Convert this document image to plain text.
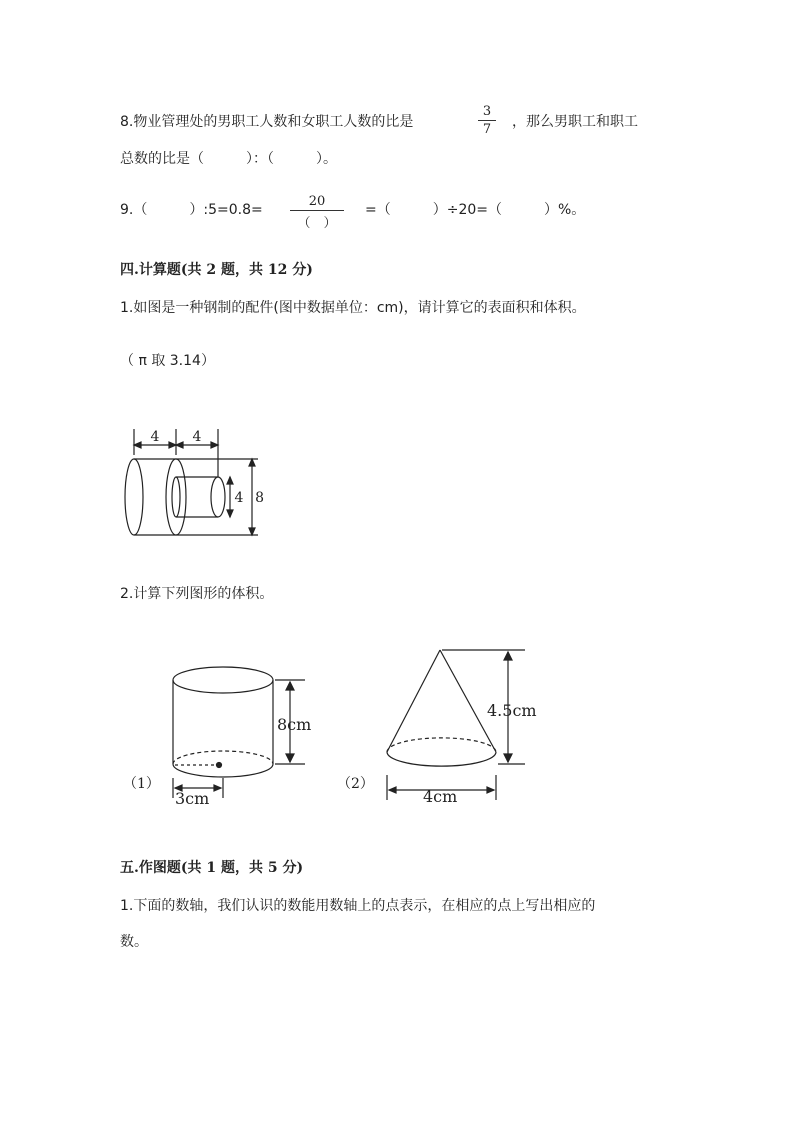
8.物业管理处的男职工人数和女职工人数的比是
3
7	，那么男职工和职工
总数的比是（　　　）：（　　　）。
9.（　　　）:5=0.8=
20
（　）
=（　　　）÷20=（　　　）%。
四.计算题(共 2 题，共 12 分)
1.如图是一种钢制的配件(图中数据单位：cm)，请计算它的表面积和体积。
（ π 取 3.14）
4 4
4 8
2.计算下列图形的体积。
（1）
8cm
3cm
（2）
4.5cm
4cm
五.作图题(共 1 题，共 5 分)
1.下面的数轴，我们认识的数能用数轴上的点表示，在相应的点上写出相应的
数。
